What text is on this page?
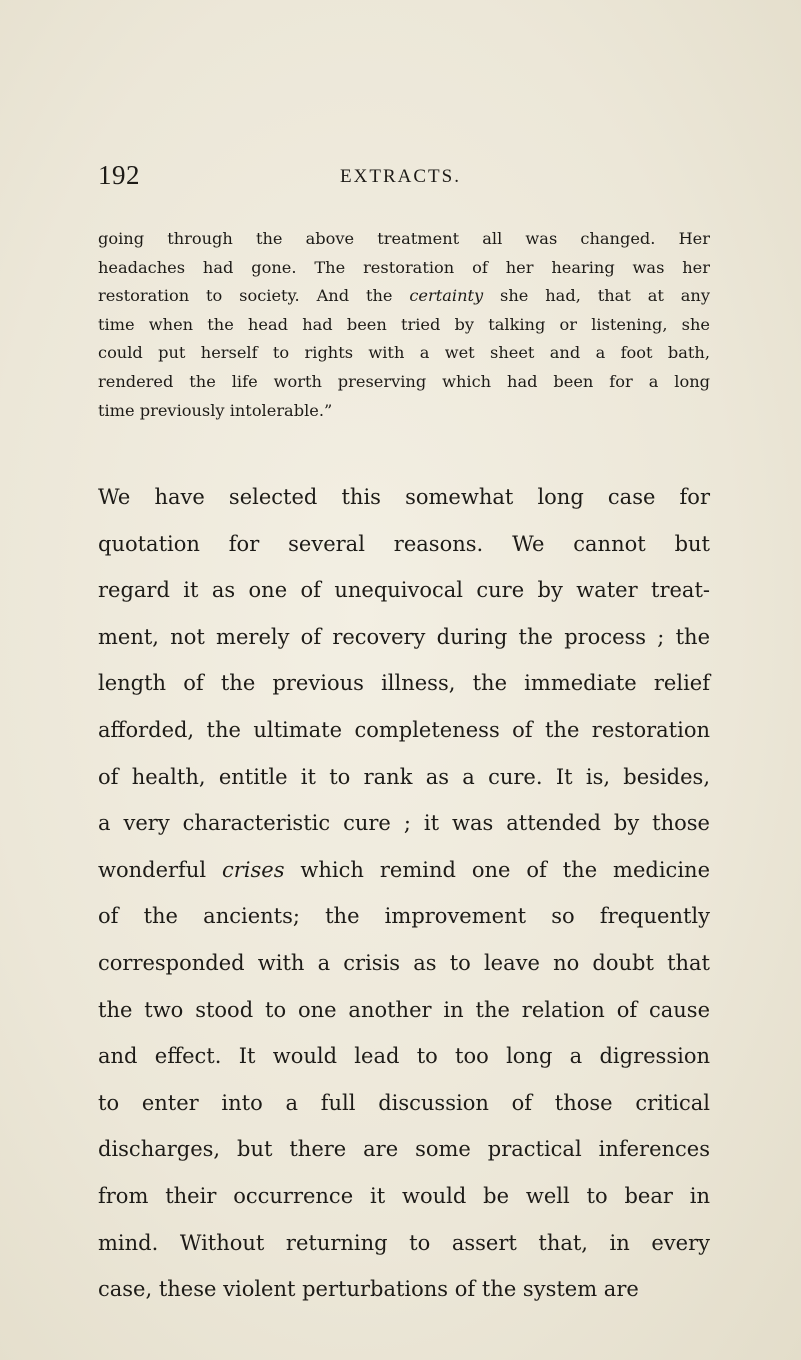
192	EXTRACTS.
going through the above treatment all was changed. Her
headaches had gone. The restoration of her hearing was her
restoration to society. And the certainty she had, that at any
time when the head had been tried by talking or listening, she
could put herself to rights with a wet sheet and a foot bath,
rendered the life worth preserving which had been for a long
time previously intolerable.”
We have selected this somewhat long case for
quotation for several reasons. We cannot but
regard it as one of unequivocal cure by water treat-
ment, not merely of recovery during the process ; the
length of the previous illness, the immediate relief
afforded, the ultimate completeness of the restoration
of health, entitle it to rank as a cure. It is, besides,
a very characteristic cure ; it was attended by those
wonderful crises which remind one of the medicine
of the ancients; the improvement so frequently
corresponded with a crisis as to leave no doubt that
the two stood to one another in the relation of cause
and effect. It would lead to too long a digression
to enter into a full discussion of those critical
discharges, but there are some practical inferences
from their occurrence it would be well to bear in
mind. Without returning to assert that, in every
case, these violent perturbations of the system are
